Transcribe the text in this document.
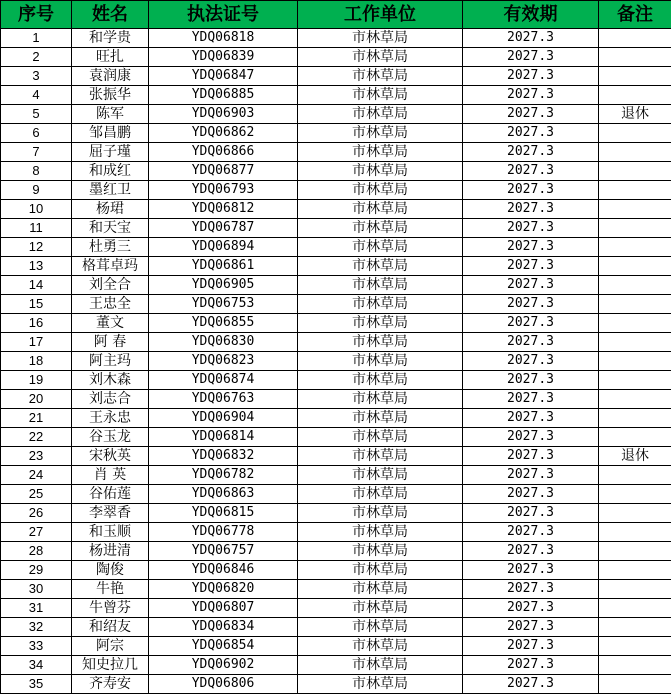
序号	姓名	执法证号	工作单位	有效期	备注
1	和学贵	YDQ06818	市林草局	2027.3	
2	旺扎	YDQ06839	市林草局	2027.3	
3	袁润康	YDQ06847	市林草局	2027.3	
4	张振华	YDQ06885	市林草局	2027.3	
5	陈军	YDQ06903	市林草局	2027.3	退休
6	邹昌鹏	YDQ06862	市林草局	2027.3	
7	屈子瑾	YDQ06866	市林草局	2027.3	
8	和成红	YDQ06877	市林草局	2027.3	
9	墨红卫	YDQ06793	市林草局	2027.3	
10	杨珺	YDQ06812	市林草局	2027.3	
11	和天宝	YDQ06787	市林草局	2027.3	
12	杜勇三	YDQ06894	市林草局	2027.3	
13	格茸卓玛	YDQ06861	市林草局	2027.3	
14	刘全合	YDQ06905	市林草局	2027.3	
15	王忠全	YDQ06753	市林草局	2027.3	
16	董文	YDQ06855	市林草局	2027.3	
17	阿 春	YDQ06830	市林草局	2027.3	
18	阿主玛	YDQ06823	市林草局	2027.3	
19	刘木森	YDQ06874	市林草局	2027.3	
20	刘志合	YDQ06763	市林草局	2027.3	
21	王永忠	YDQ06904	市林草局	2027.3	
22	谷玉龙	YDQ06814	市林草局	2027.3	
23	宋秋英	YDQ06832	市林草局	2027.3	退休
24	肖 英	YDQ06782	市林草局	2027.3	
25	谷佑莲	YDQ06863	市林草局	2027.3	
26	李翠香	YDQ06815	市林草局	2027.3	
27	和玉顺	YDQ06778	市林草局	2027.3	
28	杨进清	YDQ06757	市林草局	2027.3	
29	陶俊	YDQ06846	市林草局	2027.3	
30	牛艳	YDQ06820	市林草局	2027.3	
31	牛曾芬	YDQ06807	市林草局	2027.3	
32	和绍友	YDQ06834	市林草局	2027.3	
33	阿宗	YDQ06854	市林草局	2027.3	
34	知史拉几	YDQ06902	市林草局	2027.3	
35	齐寿安	YDQ06806	市林草局	2027.3	
